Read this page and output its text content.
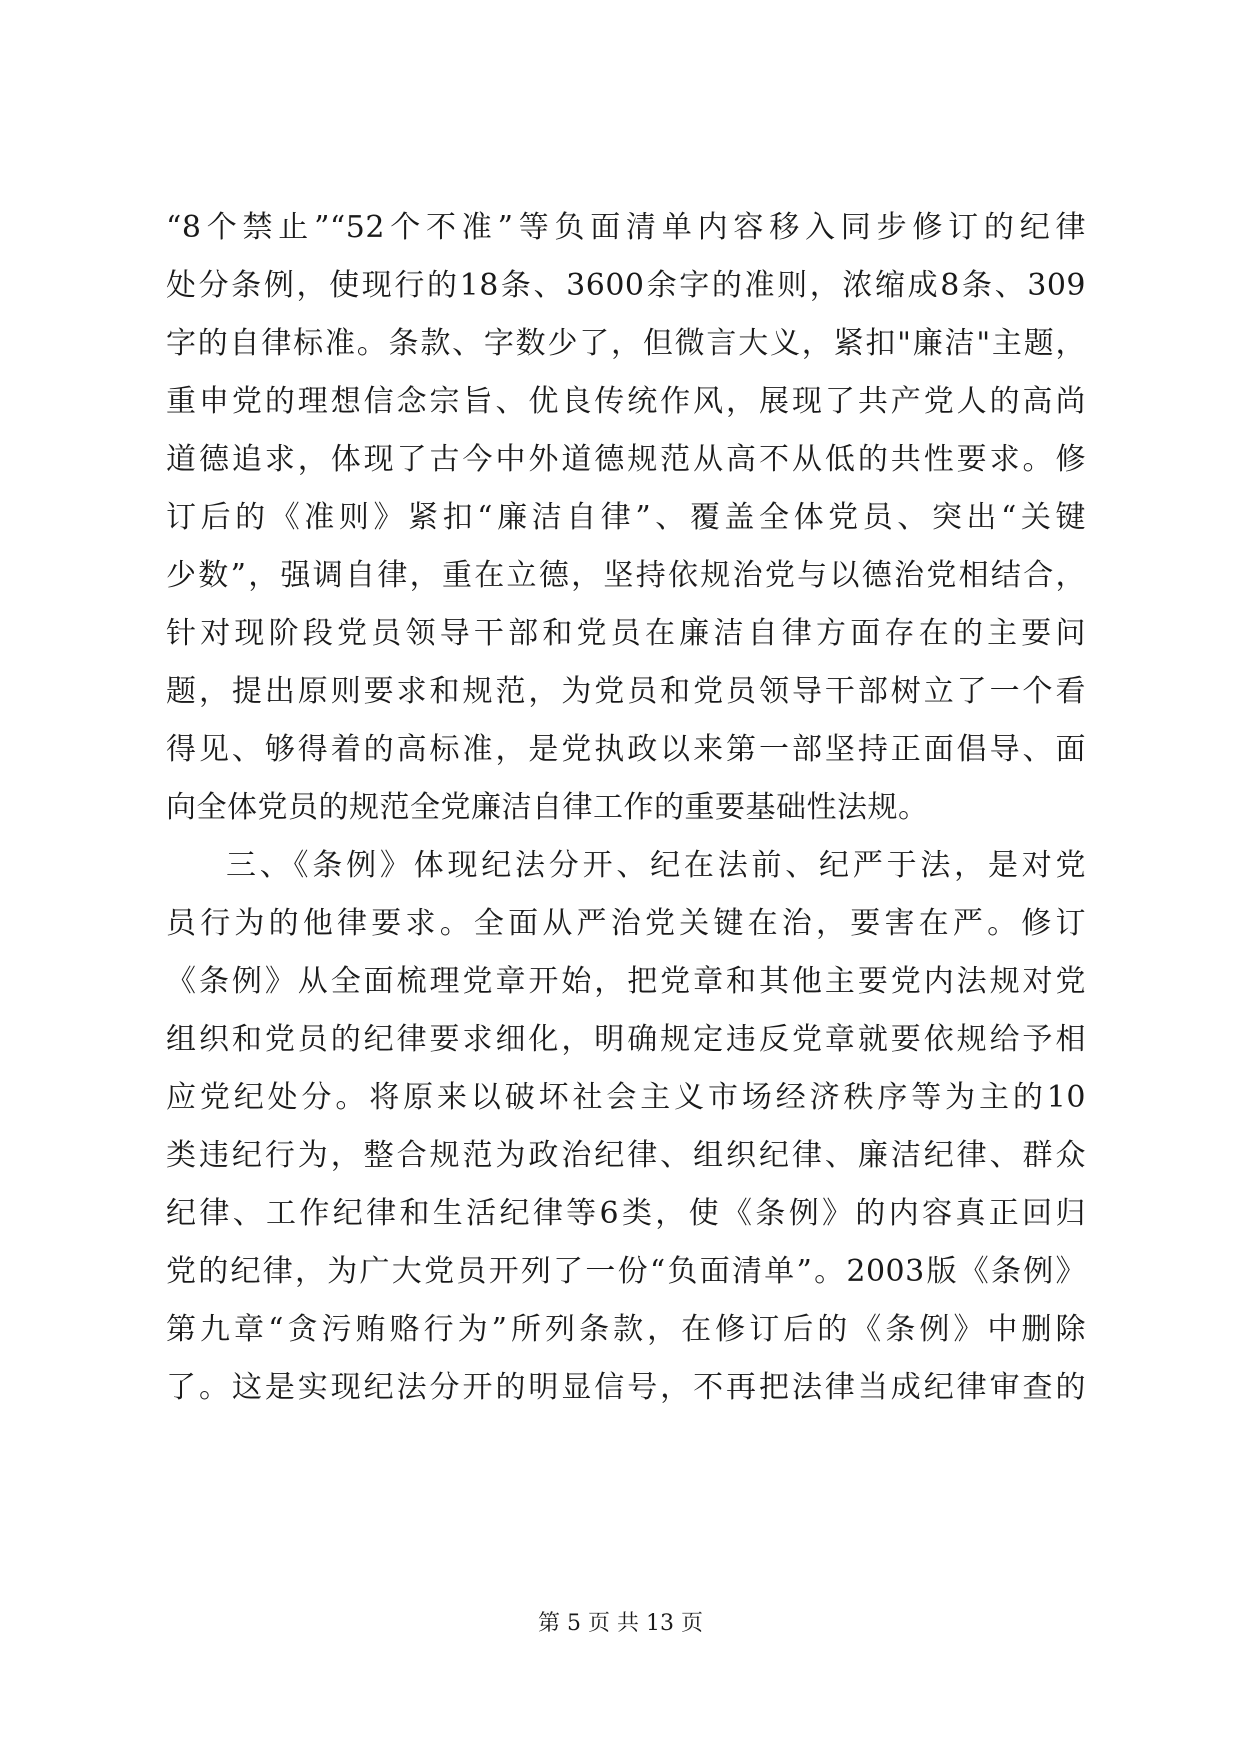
“8个禁止”“52个不准”等负面清单内容移入同步修订的纪律
处分条例，使现行的18条、3600余字的准则，浓缩成8条、309
字的自律标准。条款、字数少了，但微言大义，紧扣"廉洁"主题，
重申党的理想信念宗旨、优良传统作风，展现了共产党人的高尚
道德追求，体现了古今中外道德规范从高不从低的共性要求。修
订后的《准则》紧扣“廉洁自律”、覆盖全体党员、突出“关键
少数”，强调自律，重在立德，坚持依规治党与以德治党相结合，
针对现阶段党员领导干部和党员在廉洁自律方面存在的主要问
题，提出原则要求和规范，为党员和党员领导干部树立了一个看
得见、够得着的高标准，是党执政以来第一部坚持正面倡导、面
向全体党员的规范全党廉洁自律工作的重要基础性法规。
三、《条例》体现纪法分开、纪在法前、纪严于法，是对党
员行为的他律要求。全面从严治党关键在治，要害在严。修订
《条例》从全面梳理党章开始，把党章和其他主要党内法规对党
组织和党员的纪律要求细化，明确规定违反党章就要依规给予相
应党纪处分。将原来以破坏社会主义市场经济秩序等为主的10
类违纪行为，整合规范为政治纪律、组织纪律、廉洁纪律、群众
纪律、工作纪律和生活纪律等6类，使《条例》的内容真正回归
党的纪律，为广大党员开列了一份“负面清单”。2003版《条例》
第九章“贪污贿赂行为”所列条款，在修订后的《条例》中删除
了。这是实现纪法分开的明显信号，不再把法律当成纪律审查的
第 5 页 共 13 页
